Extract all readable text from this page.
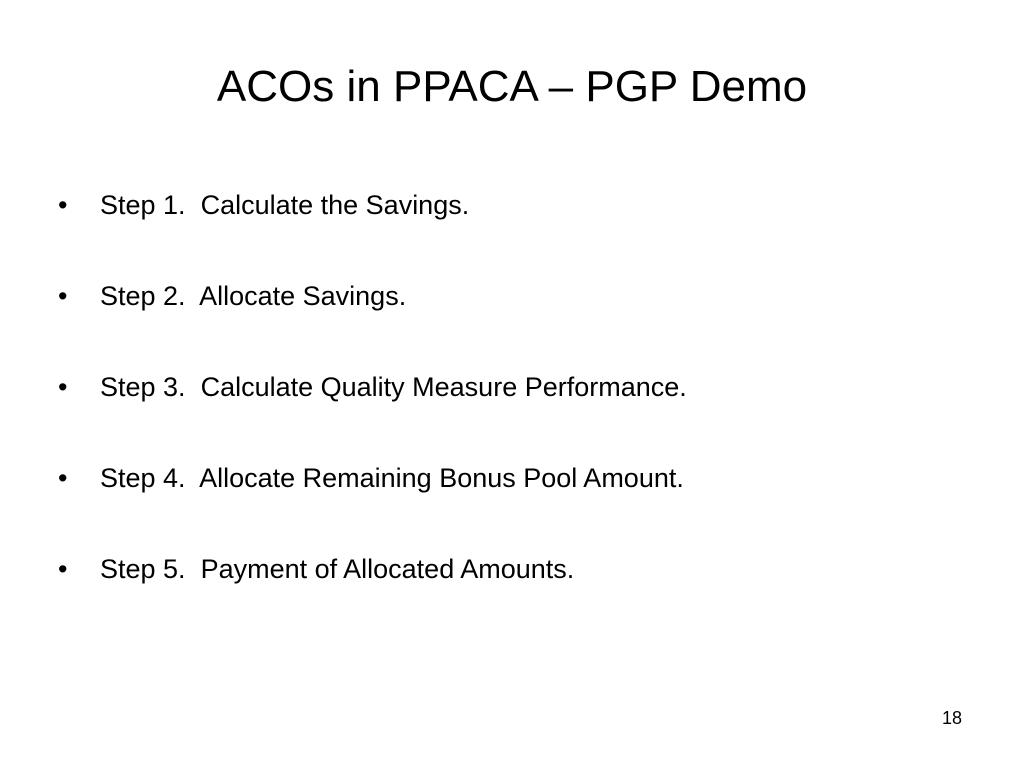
ACOs in PPACA – PGP Demo
•	Step 1.  Calculate the Savings.
•	Step 2.  Allocate Savings.
•	Step 3.  Calculate Quality Measure Performance.
•	Step 4.  Allocate Remaining Bonus Pool Amount.
•	Step 5.  Payment of Allocated Amounts.
18
